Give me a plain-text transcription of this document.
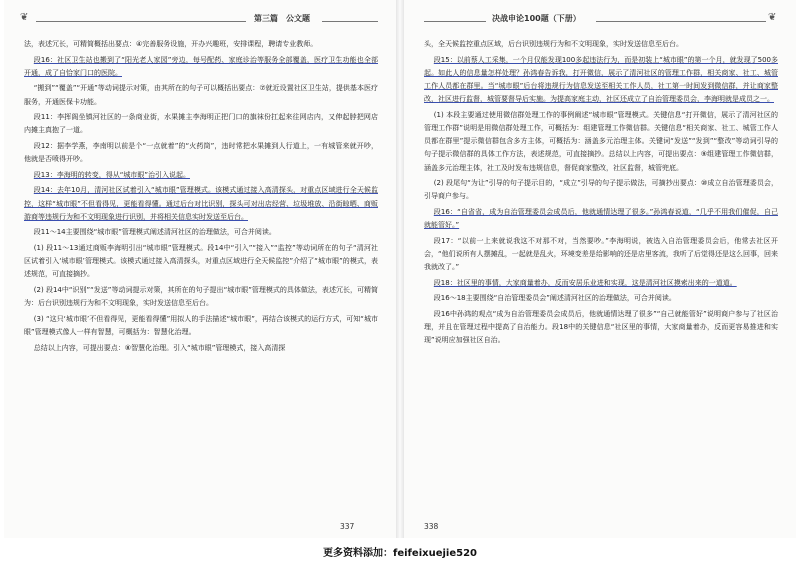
❦	第三篇　公文题

法，表述冗长，可精简概括出要点：④完善服务设施，开办兴趣班，安排课程，聘请专业教师。

段16：社区卫生站也搬到了“阳光老人家园”旁边，每号配药、家庭诊治等服务全部覆盖，医疗卫生功能也全部开通，成了自恰家门口的医院。

“搬到”“覆盖”“开通”等动词提示对策，由其所在的句子可以概括出要点：⑦就近设置社区卫生站，提供基本医疗服务，开通医保卡功能。

段11：李挥阁坐镇河社区的一条商业街，水果摊主李海明正把门口的旗袜份扛起来往网店内，又伸起脖把网店内摊主真抱了一道。

段12：据李学燕，李南明以前是个“一点就着”的“火药筒”，违时常把水果摊到人行道上，一有城管来就开吵，他就是否喷得开吵。

段13：李海明的转变，得从“城市眼”治引入说起。

段14：去年10月，清河社区试着引入“城市眼”管理模式。该模式通过接入高清探头，对重点区域进行全天候监控，这样“城市眼”不但看得见，更能看得懂。通过后台对比识别，探头可对出店经营、垃圾堆放、沿街晾晒、商贩游商等违规行为和不文明现象进行识别，并将相关信息实时发送至后台。

段11～14主要围绕“城市眼”管理模式阐述清河社区的治理做法，可合并阅读。

(1) 段11～13通过商贩李海明引出“城市眼”管理模式。段14中“引入”“接入”“监控”等动词所在的句子“清河社区试着引入‘城市眼’管理模式。该模式通过接入高清探头，对重点区域进行全天候监控”介绍了“城市眼”的模式，表述规范，可直接摘抄。

(2) 段14中“识别”“发送”等动词提示对策，其所在的句子提出“城市眼”管理模式的具体做法，表述冗长，可精简为：后台识别违规行为和不文明现象，实时发送信息至后台。

(3) “这只‘城市眼’不但看得见，更能看得懂”用拟人的手法描述“城市眼”，再结合该模式的运行方式，可知“城市眼”管理模式像人一样有智慧，可概括为：智慧化治理。

总结以上内容，可提出要点：⑧智慧化治理。引入“城市眼”管理模式，接入高清探

337
决战申论100题（下册）	❦

头，全天候监控重点区域，后台识别违规行为和不文明现象，实时发送信息至后台。

段15：以前蔡人工采集，一个月仅能发现100多起违法行为，而是初装上“城市眼”的第一个月，就发现了500多起。如此人的信息量怎样处理？孙鸿春告诉我，打开微信，展示了清河社区的管理工作群，相关商家、社工、城管工作人员都在群里。当“城市眼”后台将违规行为信息发送至相关工作人员，社工第一时间发到微信群，并让商家整改，社区进行监督，城管要督导后实施。为提高家庭主动，社区还成立了自治管理委员会，李海明就是成员之一。

(1) 本段主要通过使用微信群处理工作的事例阐述“城市眼”管理模式。关键信息“打开微信，展示了清河社区的管理工作群”说明是用微信群处理工作，可概括为：组建管理工作微信群。关键信息“相关商家、社工、城管工作人员都在群里”提示微信群包含多方主体，可概括为：涵盖多元治理主体。关键词“发送”“发到”“整改”等动词引导的句子提示微信群的具体工作方法，表述规范，可直接摘抄。总结以上内容，可提出要点：⑨组建管理工作微信群，涵盖多元治理主体，社工及时发布违规信息，督促商家整改，社区监督，城管兜底。

(2) 段尾句“为让”引导的句子提示目的，“成立”引导的句子提示做法，可摘抄出要点：⑩成立自治管理委员会，引导商户参与。

段16：“自省省，成为自治管理委员会成员后，他就通情达理了很多。”孙鸿春说道，“几乎不用我们催促，自己就能管好。”

段17：“以前一上来就说我这不对那不对，当然要吵。”李海明说，被选入自治管理委员会后，他常去社区开会，“他们说所有人摆摊乱，一起就是乱火，环境变差是给影响的还是店里客流，我听了后觉得还是这么回事，回来我就改了。”

段18：社区里的事情，大家商量着办，反而安居乐业进和实现，这是清河社区摸索出来的一道道。

段16～18主要围绕“自治管理委员会”阐述清河社区的治理做法，可合并阅读。

段16中孙鸿的观点“成为自治管理委员会成员后，他就通情达理了很多”“自己就能管好”说明商户参与了社区治理，并且在管理过程中提高了自治能力。段18中的关键信息“社区里的事情，大家商量着办，反而更容易推进和实现”说明应加强社区自治。

338
更多资料添加：feifeixuejie520
